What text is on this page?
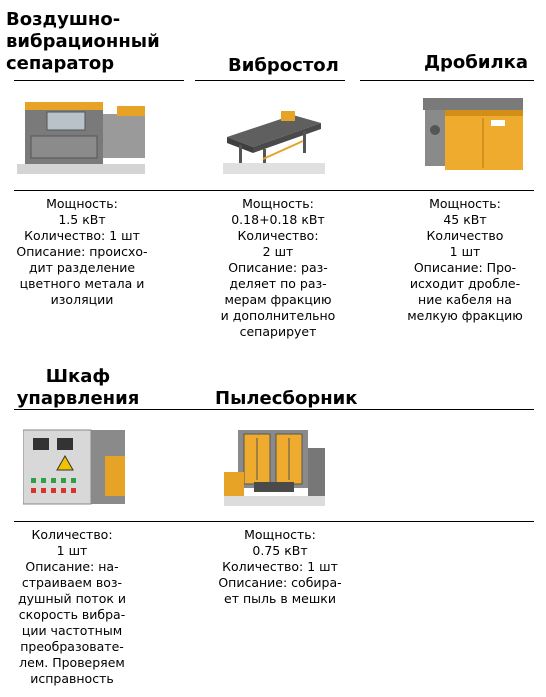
Воздушно-
вибрационный
сепаратор
Мощность:
1.5 кВт
Количество: 1 шт
Описание: происхо-
дит разделение
цветного метала и
изоляции
Вибростол
Мощность:
0.18+0.18 кВт
Количество:
2 шт
Описание: раз-
деляет по раз-
мерам фракцию
и дополнительно
сепарирует
Дробилка
Мощность:
45 кВт
Количество
1 шт
Описание: Про-
исходит дробле-
ние кабеля на
мелкую фракцию
Шкаф
упарвления
Количество:
1 шт
Описание: на-
страиваем воз-
душный поток и
скорость вибра-
ции частотным
преобразовате-
лем. Проверяем
исправность
Пылесборник
Мощность:
0.75 кВт
Количество: 1 шт
Описание: собира-
ет пыль в мешки
